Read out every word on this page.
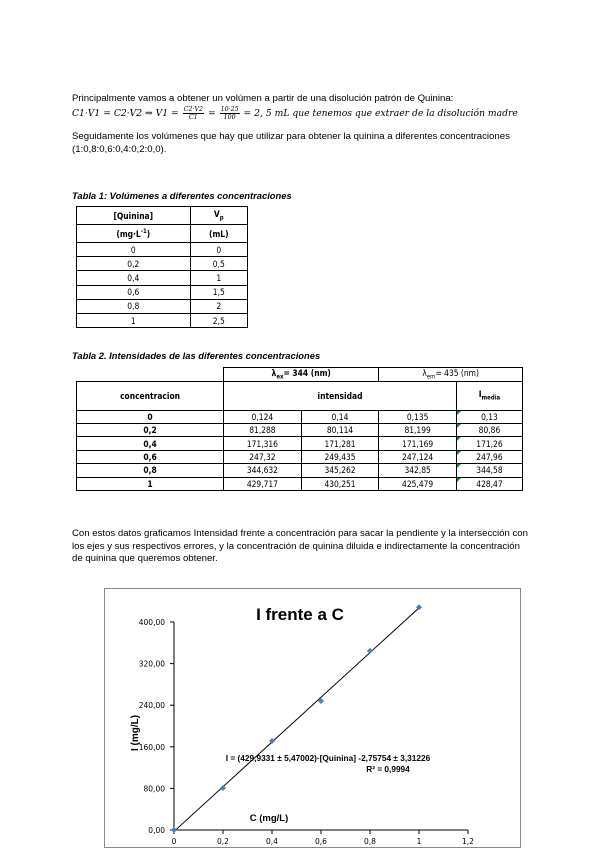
Principalmente vamos a obtener un volúmen a partir de una disolución patrón de Quinina:

C1·V1 = C2·V2 ⇒ $V1 = \frac{C2\cdot V2}{C1} = \frac{10\cdot 25}{100} = 2$, 5 mL que tenemos que extraer de la disolución madre

Seguidamente los volúmenes que hay que utilizar para obtener la quinina a diferentes concentraciones (1:0,8:0,6:0,4:0,2:0,0).

Tabla 1: Volúmenes a diferentes concentraciones

[Quinina]	$V_p$
$(mg\cdot L^{-1})$	(mL)
0	0
0,2	0,5
0,4	1
0,6	1,5
0,8	2
1	2,5

Tabla 2. Intensidades de las diferentes concentraciones

	$\lambda_{ex}= 344$ (nm)		$\lambda_{em}= 435$ (nm)	
concentracion	intensidad			$I_{media}$
0	0,124	0,14	0,135	0,13
0,2	81,288	80,114	81,199	80,86
0,4	171,316	171,281	171,169	171,26
0,6	247,32	249,435	247,124	247,96
0,8	344,632	345,262	342,85	344,58
1	429,717	430,251	425,479	428,47

Con estos datos graficamos Intensidad frente a concentración para sacar la pendiente y la intersección con los ejes y sus respectivos errores, y la concentración de quinina diluida e indirectamente la concentración de quinina que queremos obtener.

I frente a C
I (mg/L)
C (mg/L)
I = (429,9331 ± 5,47002)·[Quinina] -2,75754 ± 3,31226
R² = 0,9994
0,00
80,00
160,00
240,00
320,00
400,00
0	0,2	0,4	0,6	0,8	1	1,2
